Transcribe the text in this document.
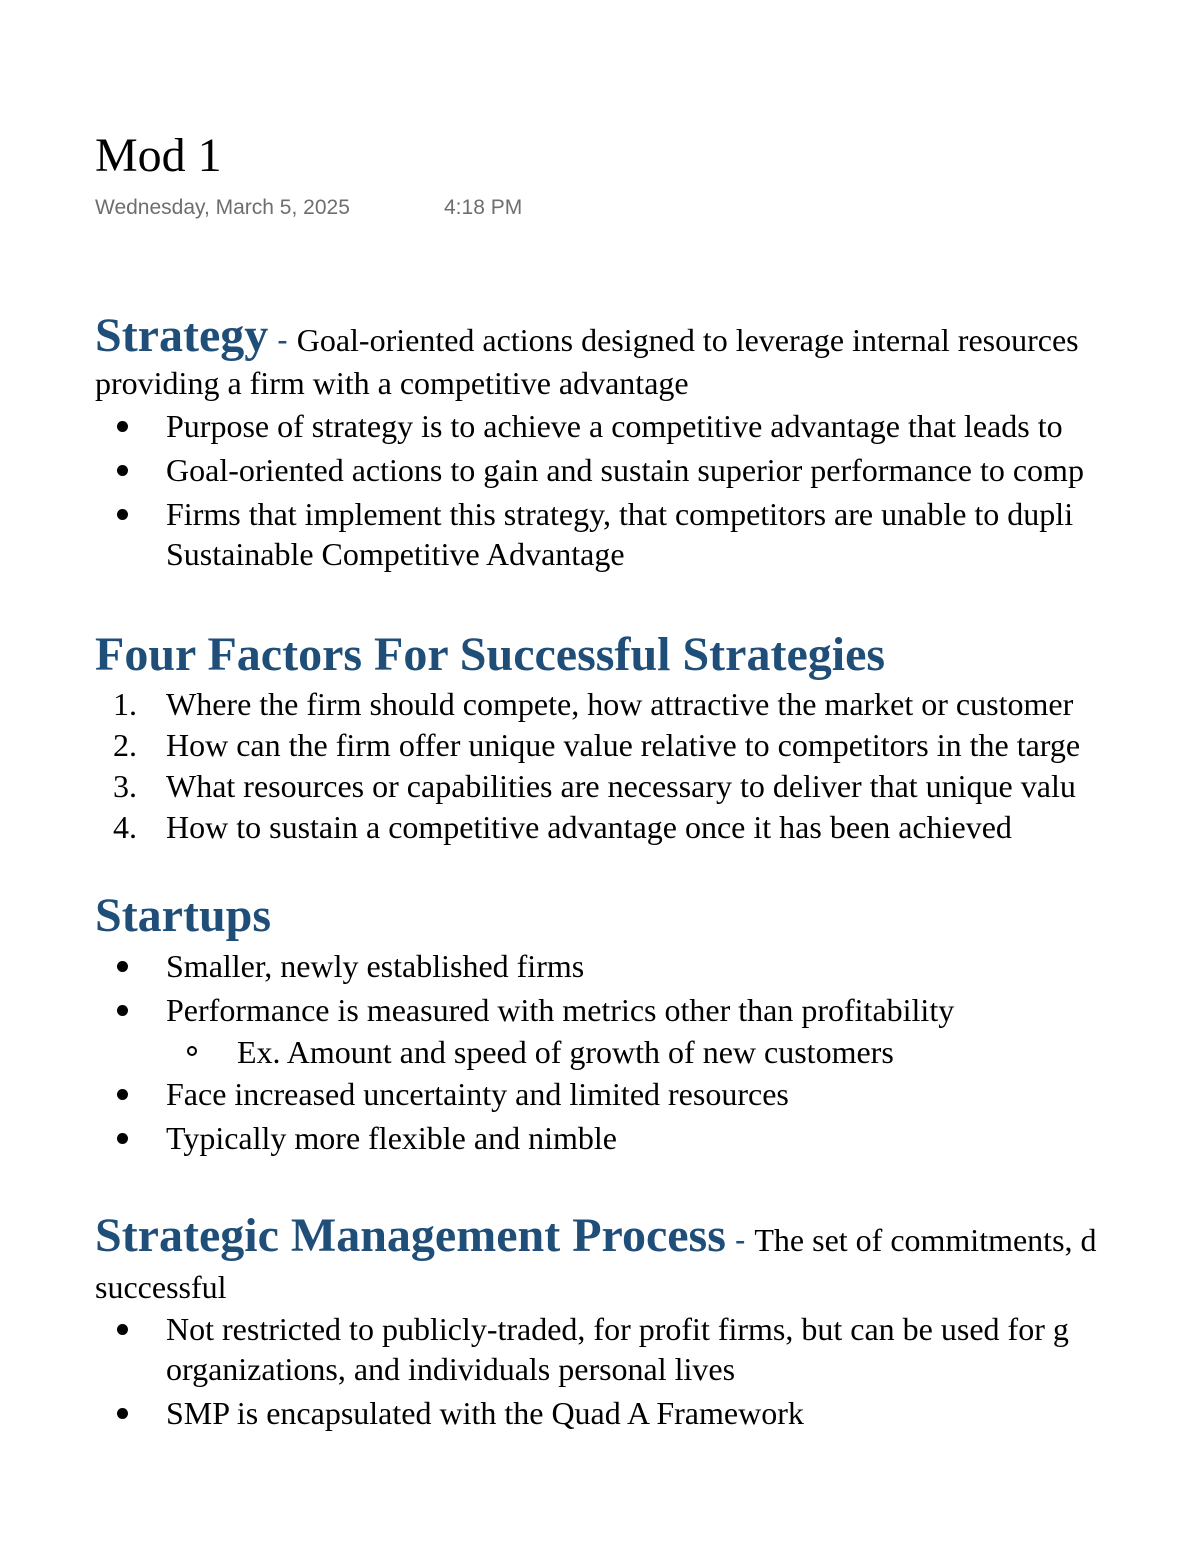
Mod 1
Wednesday, March 5, 2025	4:18 PM
Strategy - Goal-oriented actions designed to leverage internal resources
providing a firm with a competitive advantage
Purpose of strategy is to achieve a competitive advantage that leads to
Goal-oriented actions to gain and sustain superior performance to comp
Firms that implement this strategy, that competitors are unable to dupli
Sustainable Competitive Advantage
Four Factors For Successful Strategies
1. Where the firm should compete, how attractive the market or customer
2. How can the firm offer unique value relative to competitors in the targe
3. What resources or capabilities are necessary to deliver that unique valu
4. How to sustain a competitive advantage once it has been achieved
Startups
Smaller, newly established firms
Performance is measured with metrics other than profitability
Ex. Amount and speed of growth of new customers
Face increased uncertainty and limited resources
Typically more flexible and nimble
Strategic Management Process - The set of commitments, d
successful
Not restricted to publicly-traded, for profit firms, but can be used for g
organizations, and individuals personal lives
SMP is encapsulated with the Quad A Framework
